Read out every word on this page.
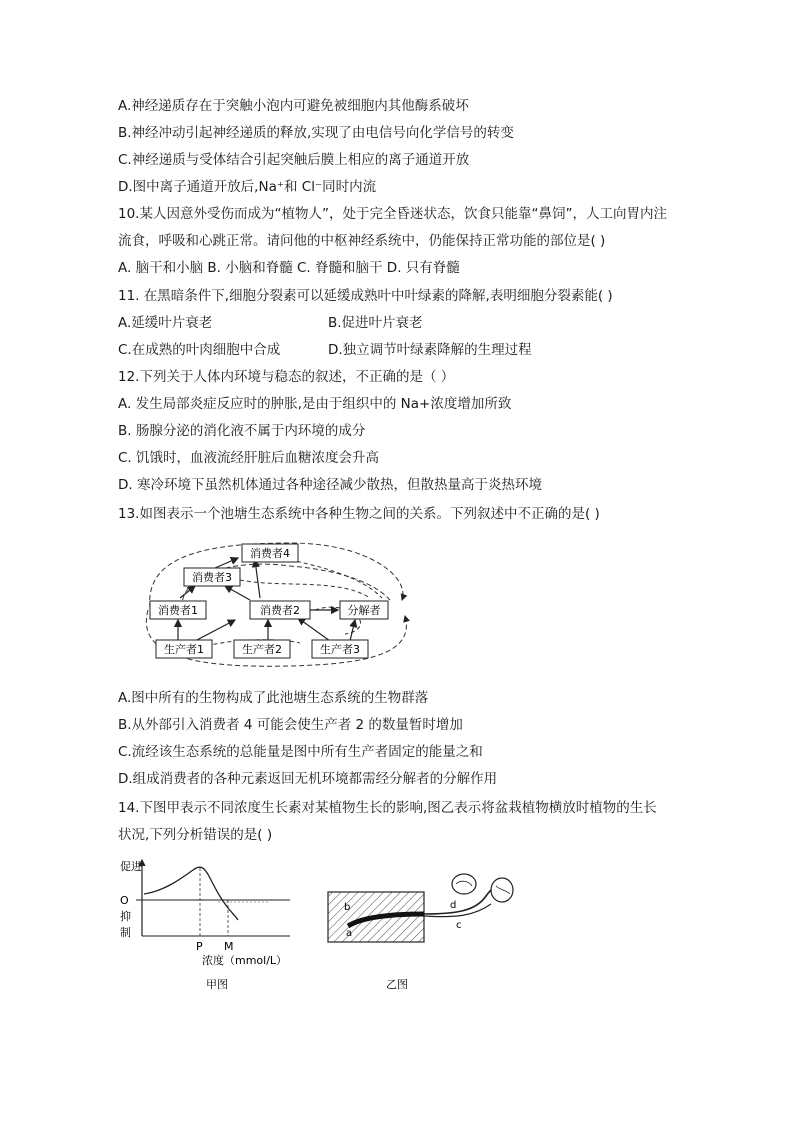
A.神经递质存在于突触小泡内可避免被细胞内其他酶系破坏
B.神经冲动引起神经递质的释放,实现了由电信号向化学信号的转变
C.神经递质与受体结合引起突触后膜上相应的离子通道开放
D.图中离子通道开放后,Na⁺和 Cl⁻同时内流
10.某人因意外受伤而成为“植物人”，处于完全昏迷状态，饮食只能靠“鼻饲”，人工向胃内注
流食，呼吸和心跳正常。请问他的中枢神经系统中，仍能保持正常功能的部位是( )
A. 脑干和小脑 B. 小脑和脊髓 C. 脊髓和脑干 D. 只有脊髓
11. 在黑暗条件下,细胞分裂素可以延缓成熟叶中叶绿素的降解,表明细胞分裂素能( )
A.延缓叶片衰老	B.促进叶片衰老
C.在成熟的叶肉细胞中合成	D.独立调节叶绿素降解的生理过程
12.下列关于人体内环境与稳态的叙述，不正确的是（ ）
A. 发生局部炎症反应时的肿胀,是由于组织中的 Na+浓度增加所致
B. 肠腺分泌的消化液不属于内环境的成分
C. 饥饿时，血液流经肝脏后血糖浓度会升高
D. 寒冷环境下虽然机体通过各种途径减少散热，但散热量高于炎热环境
13.如图表示一个池塘生态系统中各种生物之间的关系。下列叙述中不正确的是( )
消费者4
消费者3
消费者1	消费者2	分解者
生产者1	生产者2	生产者3
A.图中所有的生物构成了此池塘生态系统的生物群落
B.从外部引入消费者 4 可能会使生产者 2 的数量暂时增加
C.流经该生态系统的总能量是图中所有生产者固定的能量之和
D.组成消费者的各种元素返回无机环境都需经分解者的分解作用
14.下图甲表示不同浓度生长素对某植物生长的影响,图乙表示将盆栽植物横放时植物的生长
状况,下列分析错误的是( )
促进
O
抑
制
P M
浓度（mmol/L）
甲图
b
a
c
d
乙图
